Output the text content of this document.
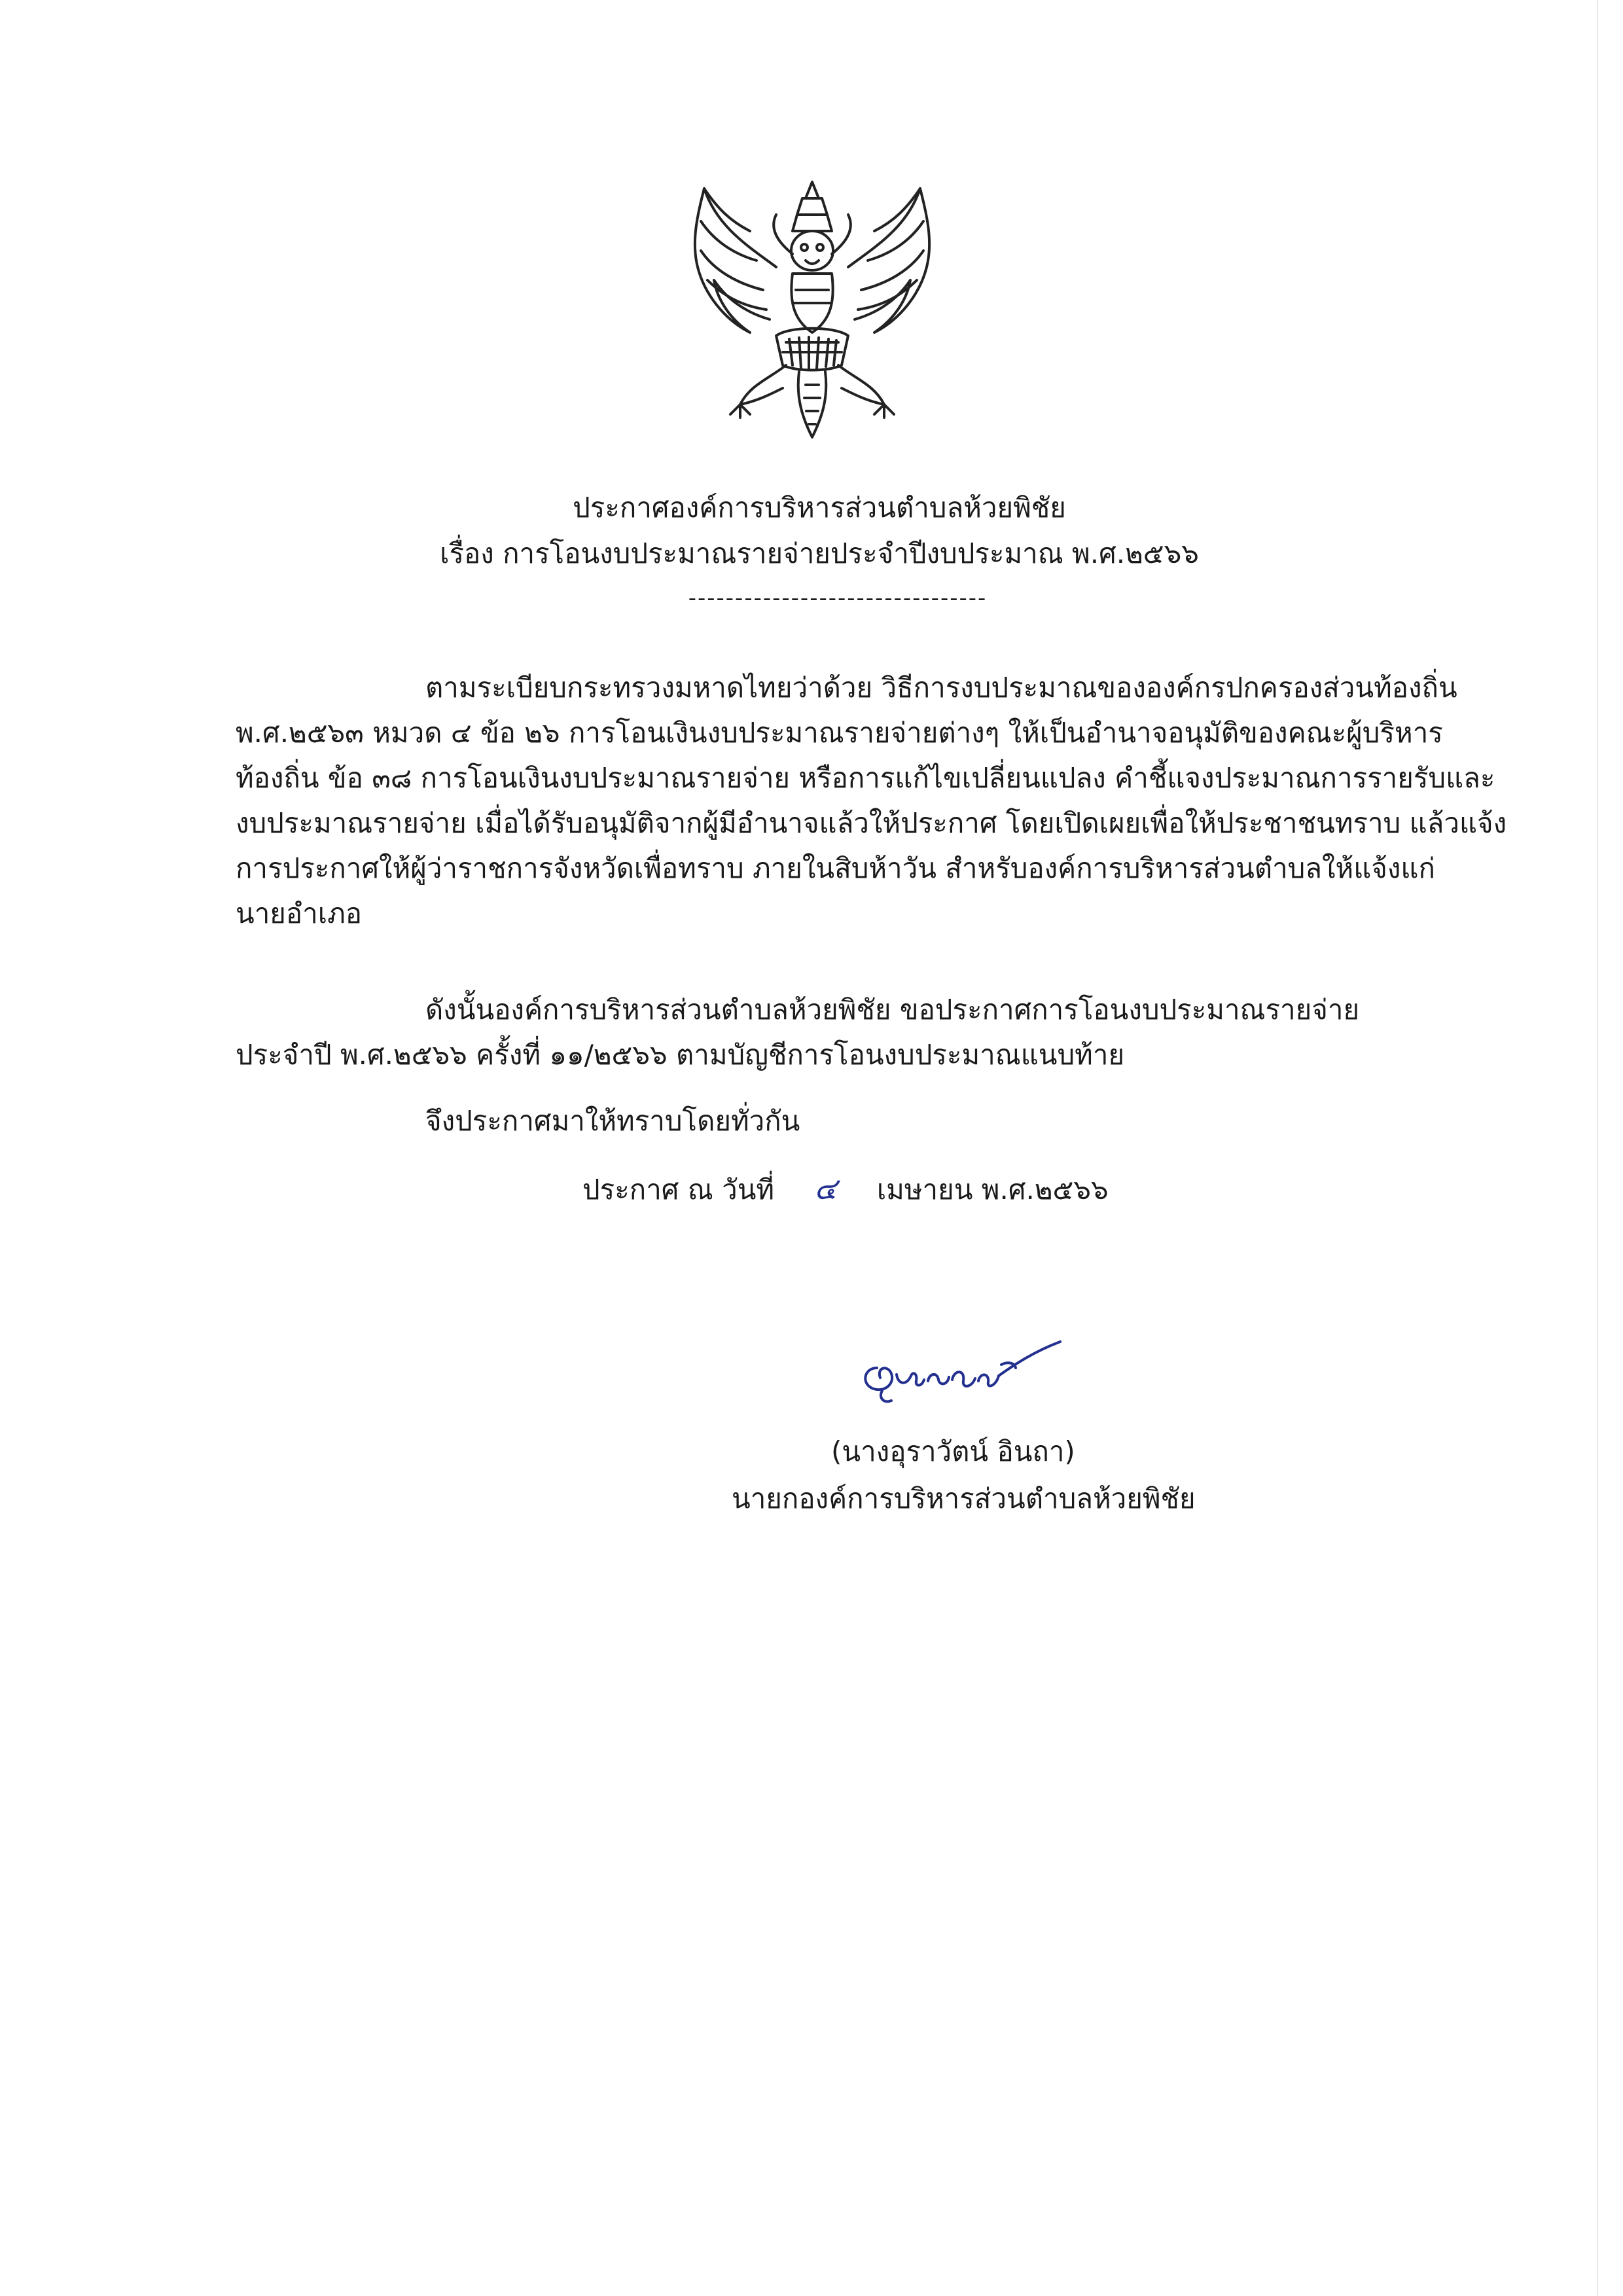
ประกาศองค์การบริหารส่วนตำบลห้วยพิชัย
เรื่อง การโอนงบประมาณรายจ่ายประจำปีงบประมาณ พ.ศ.๒๕๖๖
--------------------------------
ตามระเบียบกระทรวงมหาดไทยว่าด้วย วิธีการงบประมาณขององค์กรปกครองส่วนท้องถิ่น
พ.ศ.๒๕๖๓ หมวด ๔ ข้อ ๒๖ การโอนเงินงบประมาณรายจ่ายต่างๆ ให้เป็นอำนาจอนุมัติของคณะผู้บริหาร
ท้องถิ่น ข้อ ๓๘ การโอนเงินงบประมาณรายจ่าย หรือการแก้ไขเปลี่ยนแปลง คำชี้แจงประมาณการรายรับและ
งบประมาณรายจ่าย เมื่อได้รับอนุมัติจากผู้มีอำนาจแล้วให้ประกาศ โดยเปิดเผยเพื่อให้ประชาชนทราบ แล้วแจ้ง
การประกาศให้ผู้ว่าราชการจังหวัดเพื่อทราบ ภายในสิบห้าวัน สำหรับองค์การบริหารส่วนตำบลให้แจ้งแก่
นายอำเภอ
ดังนั้นองค์การบริหารส่วนตำบลห้วยพิชัย ขอประกาศการโอนงบประมาณรายจ่าย
ประจำปี พ.ศ.๒๕๖๖ ครั้งที่ ๑๑/๒๕๖๖ ตามบัญชีการโอนงบประมาณแนบท้าย
จึงประกาศมาให้ทราบโดยทั่วกัน
ประกาศ ณ วันที่ ๔ เมษายน พ.ศ.๒๕๖๖
(นางอุราวัตน์ อินถา)
นายกองค์การบริหารส่วนตำบลห้วยพิชัย
